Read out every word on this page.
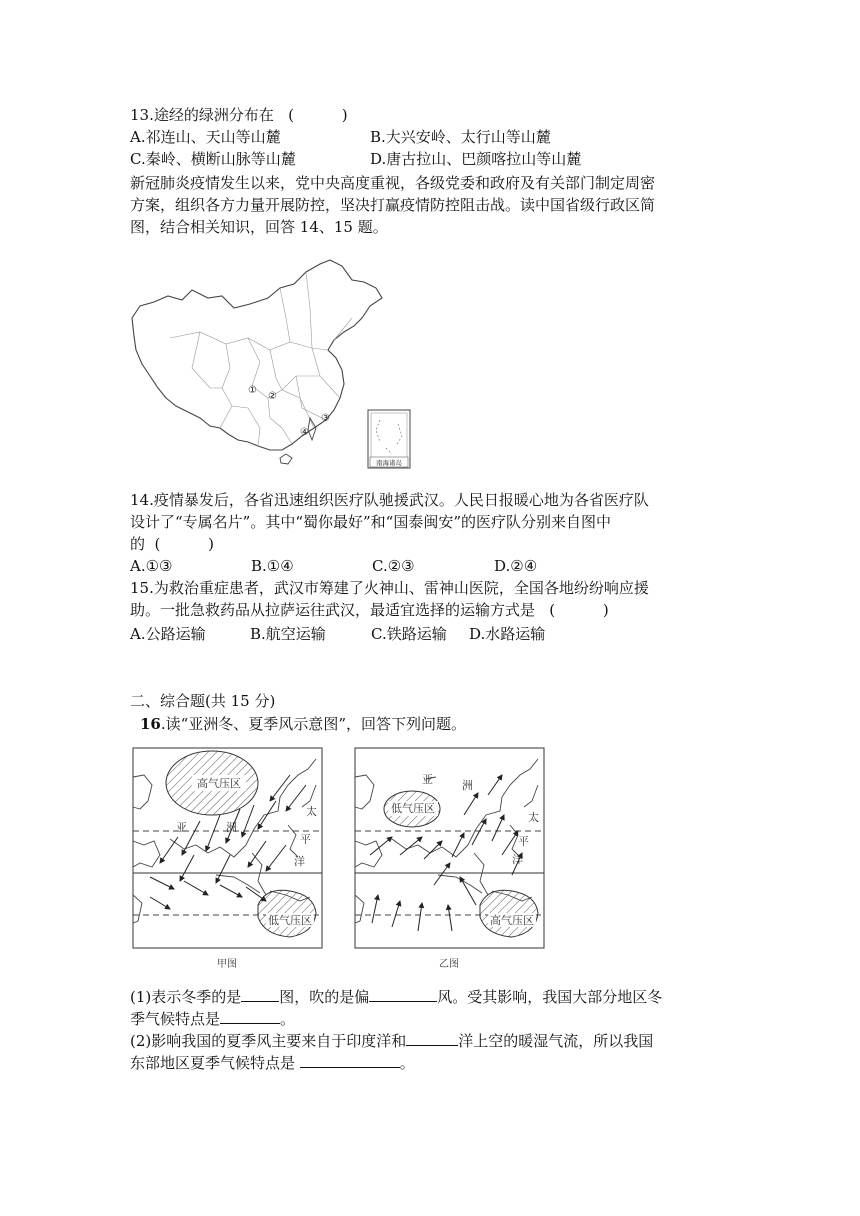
13.途经的绿洲分布在   (          )

A.祁连山、天山等山麓

	B.大兴安岭、太行山等山麓

C.秦岭、横断山脉等山麓

	D.唐古拉山、巴颜喀拉山等山麓

新冠肺炎疫情发生以来，党中央高度重视，各级党委和政府及有关部门制定周密
方案，组织各方力量开展防控，坚决打赢疫情防控阻击战。读中国省级行政区简
图，结合相关知识，回答 14、15 题。
①
②
③
④
南海诸岛
14.疫情暴发后，各省迅速组织医疗队驰援武汉。人民日报暖心地为各省医疗队
设计了“专属名片”。其中“蜀你最好”和“国泰闽安”的医疗队分别来自图中
的  (          )

A.①③

	B.①④

	C.②③

	D.②④

15.为救治重症患者，武汉市筹建了火神山、雷神山医院，全国各地纷纷响应援
助。一批急救药品从拉萨运往武汉，最适宜选择的运输方式是   (          )

A.公路运输

	B.航空运输

	C.铁路运输

D.水路运输

二、综合题(共 15 分)
16.读“亚洲冬、夏季风示意图”，回答下列问题。
高气压区
低气压区
亚	洲
太
平
洋
甲图
低气压区
高气压区
亚	洲
太
平
洋
乙图
(1)表示冬季的是	图，吹的是偏	风。受其影响，我国大部分地区冬
季气候特点是	。
(2)影响我国的夏季风主要来自于印度洋和	洋上空的暖湿气流，所以我国
东部地区夏季气候特点是	。
